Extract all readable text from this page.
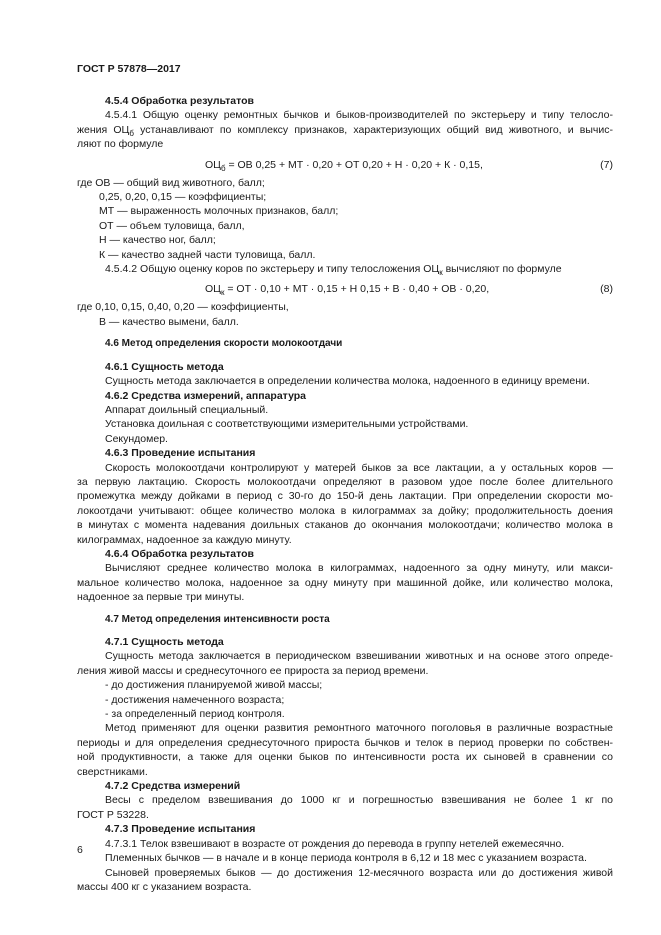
ГОСТ Р 57878—2017

4.5.4 Обработка результатов

4.5.4.1 Общую оценку ремонтных бычков и быков-производителей по экстерьеру и типу телосло-

жения $ОЦ_б$ устанавливают по комплексу признаков, характеризующих общий вид животного, и вычис-

ляют по формуле

$ОЦ_б$ = ОВ 0,25 + МТ · 0,20 + ОТ 0,20 + Н · 0,20 + К · 0,15,	(7)

где ОВ — общий вид животного, балл;

0,25, 0,20, 0,15 — коэффициенты;

МТ — выраженность молочных признаков, балл;

ОТ — объем туловища, балл,

Н — качество ног, балл;

К — качество задней части туловища, балл.

4.5.4.2 Общую оценку коров по экстерьеру и типу телосложения $ОЦ_к$ вычисляют по формуле

$ОЦ_к$ = ОТ · 0,10 + МТ · 0,15 + Н 0,15 + В · 0,40 + ОВ · 0,20,	(8)

где 0,10, 0,15, 0,40, 0,20 — коэффициенты,

В — качество вымени, балл.

4.6 Метод определения скорости молокоотдачи

4.6.1 Сущность метода

Сущность метода заключается в определении количества молока, надоенного в единицу времени.

4.6.2 Средства измерений, аппаратура

Аппарат доильный специальный.

Установка доильная с соответствующими измерительными устройствами.

Секундомер.

4.6.3 Проведение испытания

Скорость молокоотдачи контролируют у матерей быков за все лактации, а у остальных коров —

за первую лактацию. Скорость молокоотдачи определяют в разовом удое после более длительного

промежутка между дойками в период с 30-го до 150-й день лактации. При определении скорости мо-

локоотдачи учитывают: общее количество молока в килограммах за дойку; продолжительность доения

в минутах с момента надевания доильных стаканов до окончания молокоотдачи; количество молока в

килограммах, надоенное за каждую минуту.

4.6.4 Обработка результатов

Вычисляют среднее количество молока в килограммах, надоенного за одну минуту, или макси-

мальное количество молока, надоенное за одну минуту при машинной дойке, или количество молока,

надоенное за первые три минуты.

4.7 Метод определения интенсивности роста

4.7.1 Сущность метода

Сущность метода заключается в периодическом взвешивании животных и на основе этого опреде-

ления живой массы и среднесуточного ее прироста за период времени.

- до достижения планируемой живой массы;

- достижения намеченного возраста;

- за определенный период контроля.

Метод применяют для оценки развития ремонтного маточного поголовья в различные возрастные

периоды и для определения среднесуточного прироста бычков и телок в период проверки по собствен-

ной продуктивности, а также для оценки быков по интенсивности роста их сыновей в сравнении со

сверстниками.

4.7.2 Средства измерений

Весы с пределом взвешивания до 1000 кг и погрешностью взвешивания не более 1 кг по

ГОСТ Р 53228.

4.7.3 Проведение испытания

4.7.3.1 Телок взвешивают в возрасте от рождения до перевода в группу нетелей ежемесячно.

Племенных бычков — в начале и в конце периода контроля в 6,12 и 18 мес с указанием возраста.

Сыновей проверяемых быков — до достижения 12-месячного возраста или до достижения живой

массы 400 кг с указанием возраста.

6
